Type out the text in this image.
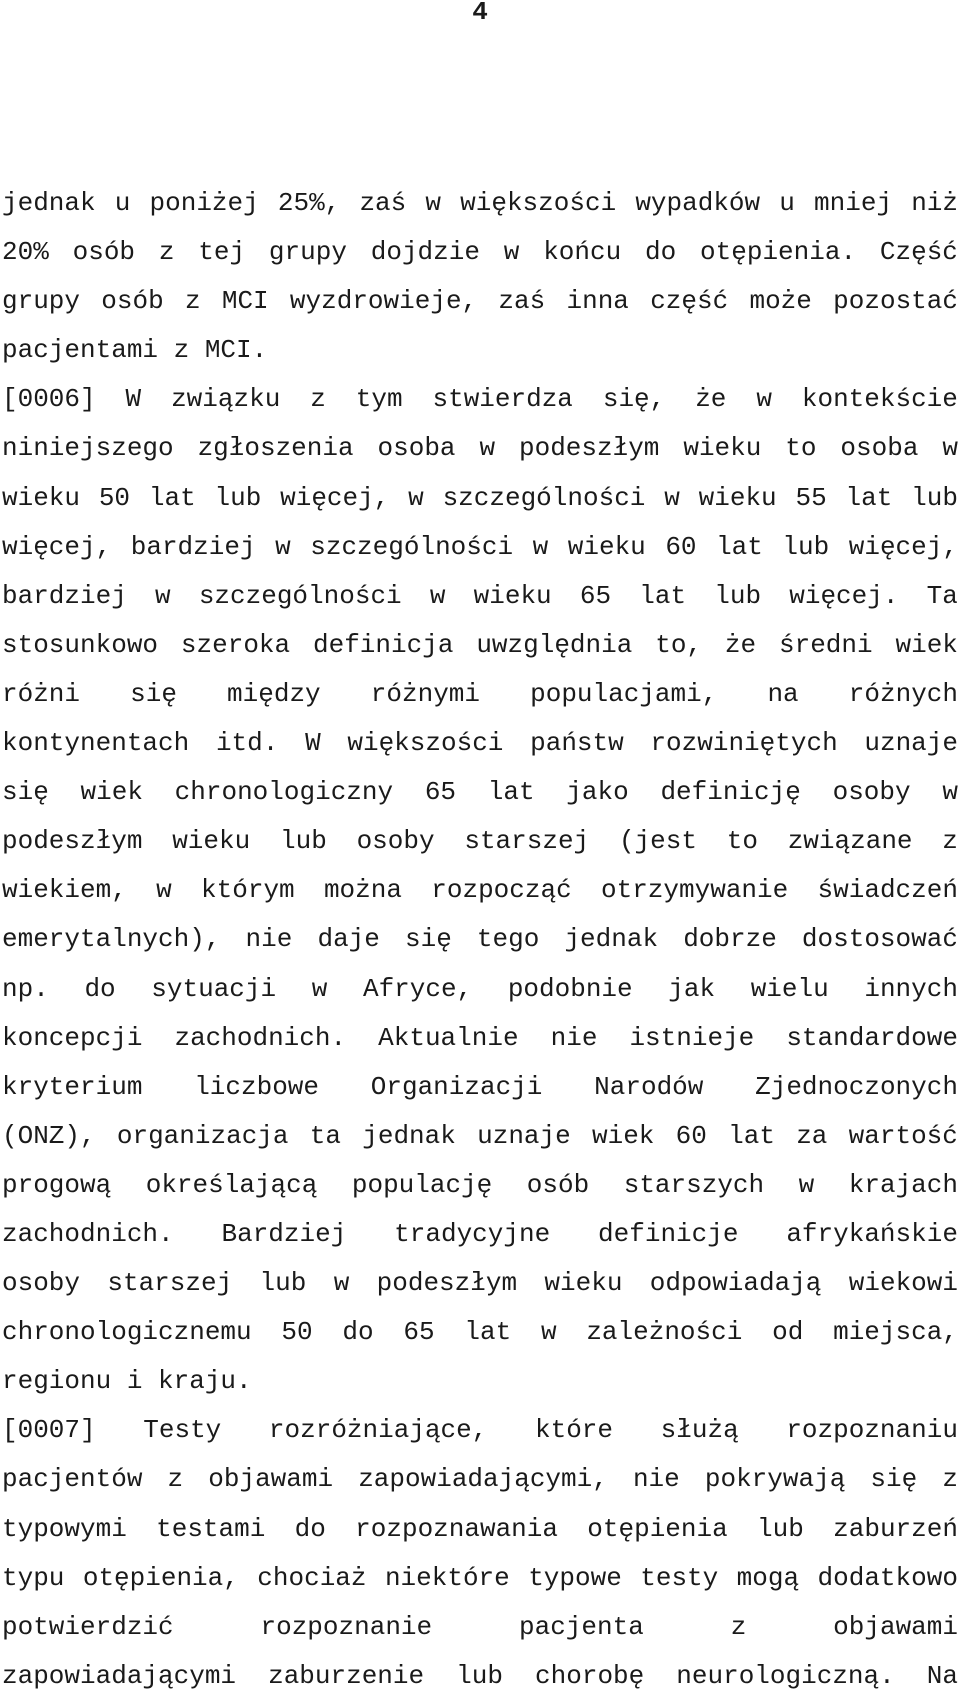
4
jednak u poniżej 25%, zaś w większości wypadków u mniej niż
20% osób z tej grupy dojdzie w końcu do otępienia. Część
grupy osób z MCI wyzdrowieje, zaś inna część może pozostać
pacjentami z MCI.
[0006] W związku z tym stwierdza się, że w kontekście
niniejszego zgłoszenia osoba w podeszłym wieku to osoba w
wieku 50 lat lub więcej, w szczególności w wieku 55 lat lub
więcej, bardziej w szczególności w wieku 60 lat lub więcej,
bardziej w szczególności w wieku 65 lat lub więcej. Ta
stosunkowo szeroka definicja uwzględnia to, że średni wiek
różni się między różnymi populacjami, na różnych
kontynentach itd. W większości państw rozwiniętych uznaje
się wiek chronologiczny 65 lat jako definicję osoby w
podeszłym wieku lub osoby starszej (jest to związane z
wiekiem, w którym można rozpocząć otrzymywanie świadczeń
emerytalnych), nie daje się tego jednak dobrze dostosować
np. do sytuacji w Afryce, podobnie jak wielu innych
koncepcji zachodnich. Aktualnie nie istnieje standardowe
kryterium liczbowe Organizacji Narodów Zjednoczonych
(ONZ), organizacja ta jednak uznaje wiek 60 lat za wartość
progową określającą populację osób starszych w krajach
zachodnich. Bardziej tradycyjne definicje afrykańskie
osoby starszej lub w podeszłym wieku odpowiadają wiekowi
chronologicznemu 50 do 65 lat w zależności od miejsca,
regionu i kraju.
[0007] Testy rozróżniające, które służą rozpoznaniu
pacjentów z objawami zapowiadającymi, nie pokrywają się z
typowymi testami do rozpoznawania otępienia lub zaburzeń
typu otępienia, chociaż niektóre typowe testy mogą dodatkowo
potwierdzić	rozpoznanie	pacjenta	z	objawami
zapowiadającymi zaburzenie lub chorobę neurologiczną. Na
